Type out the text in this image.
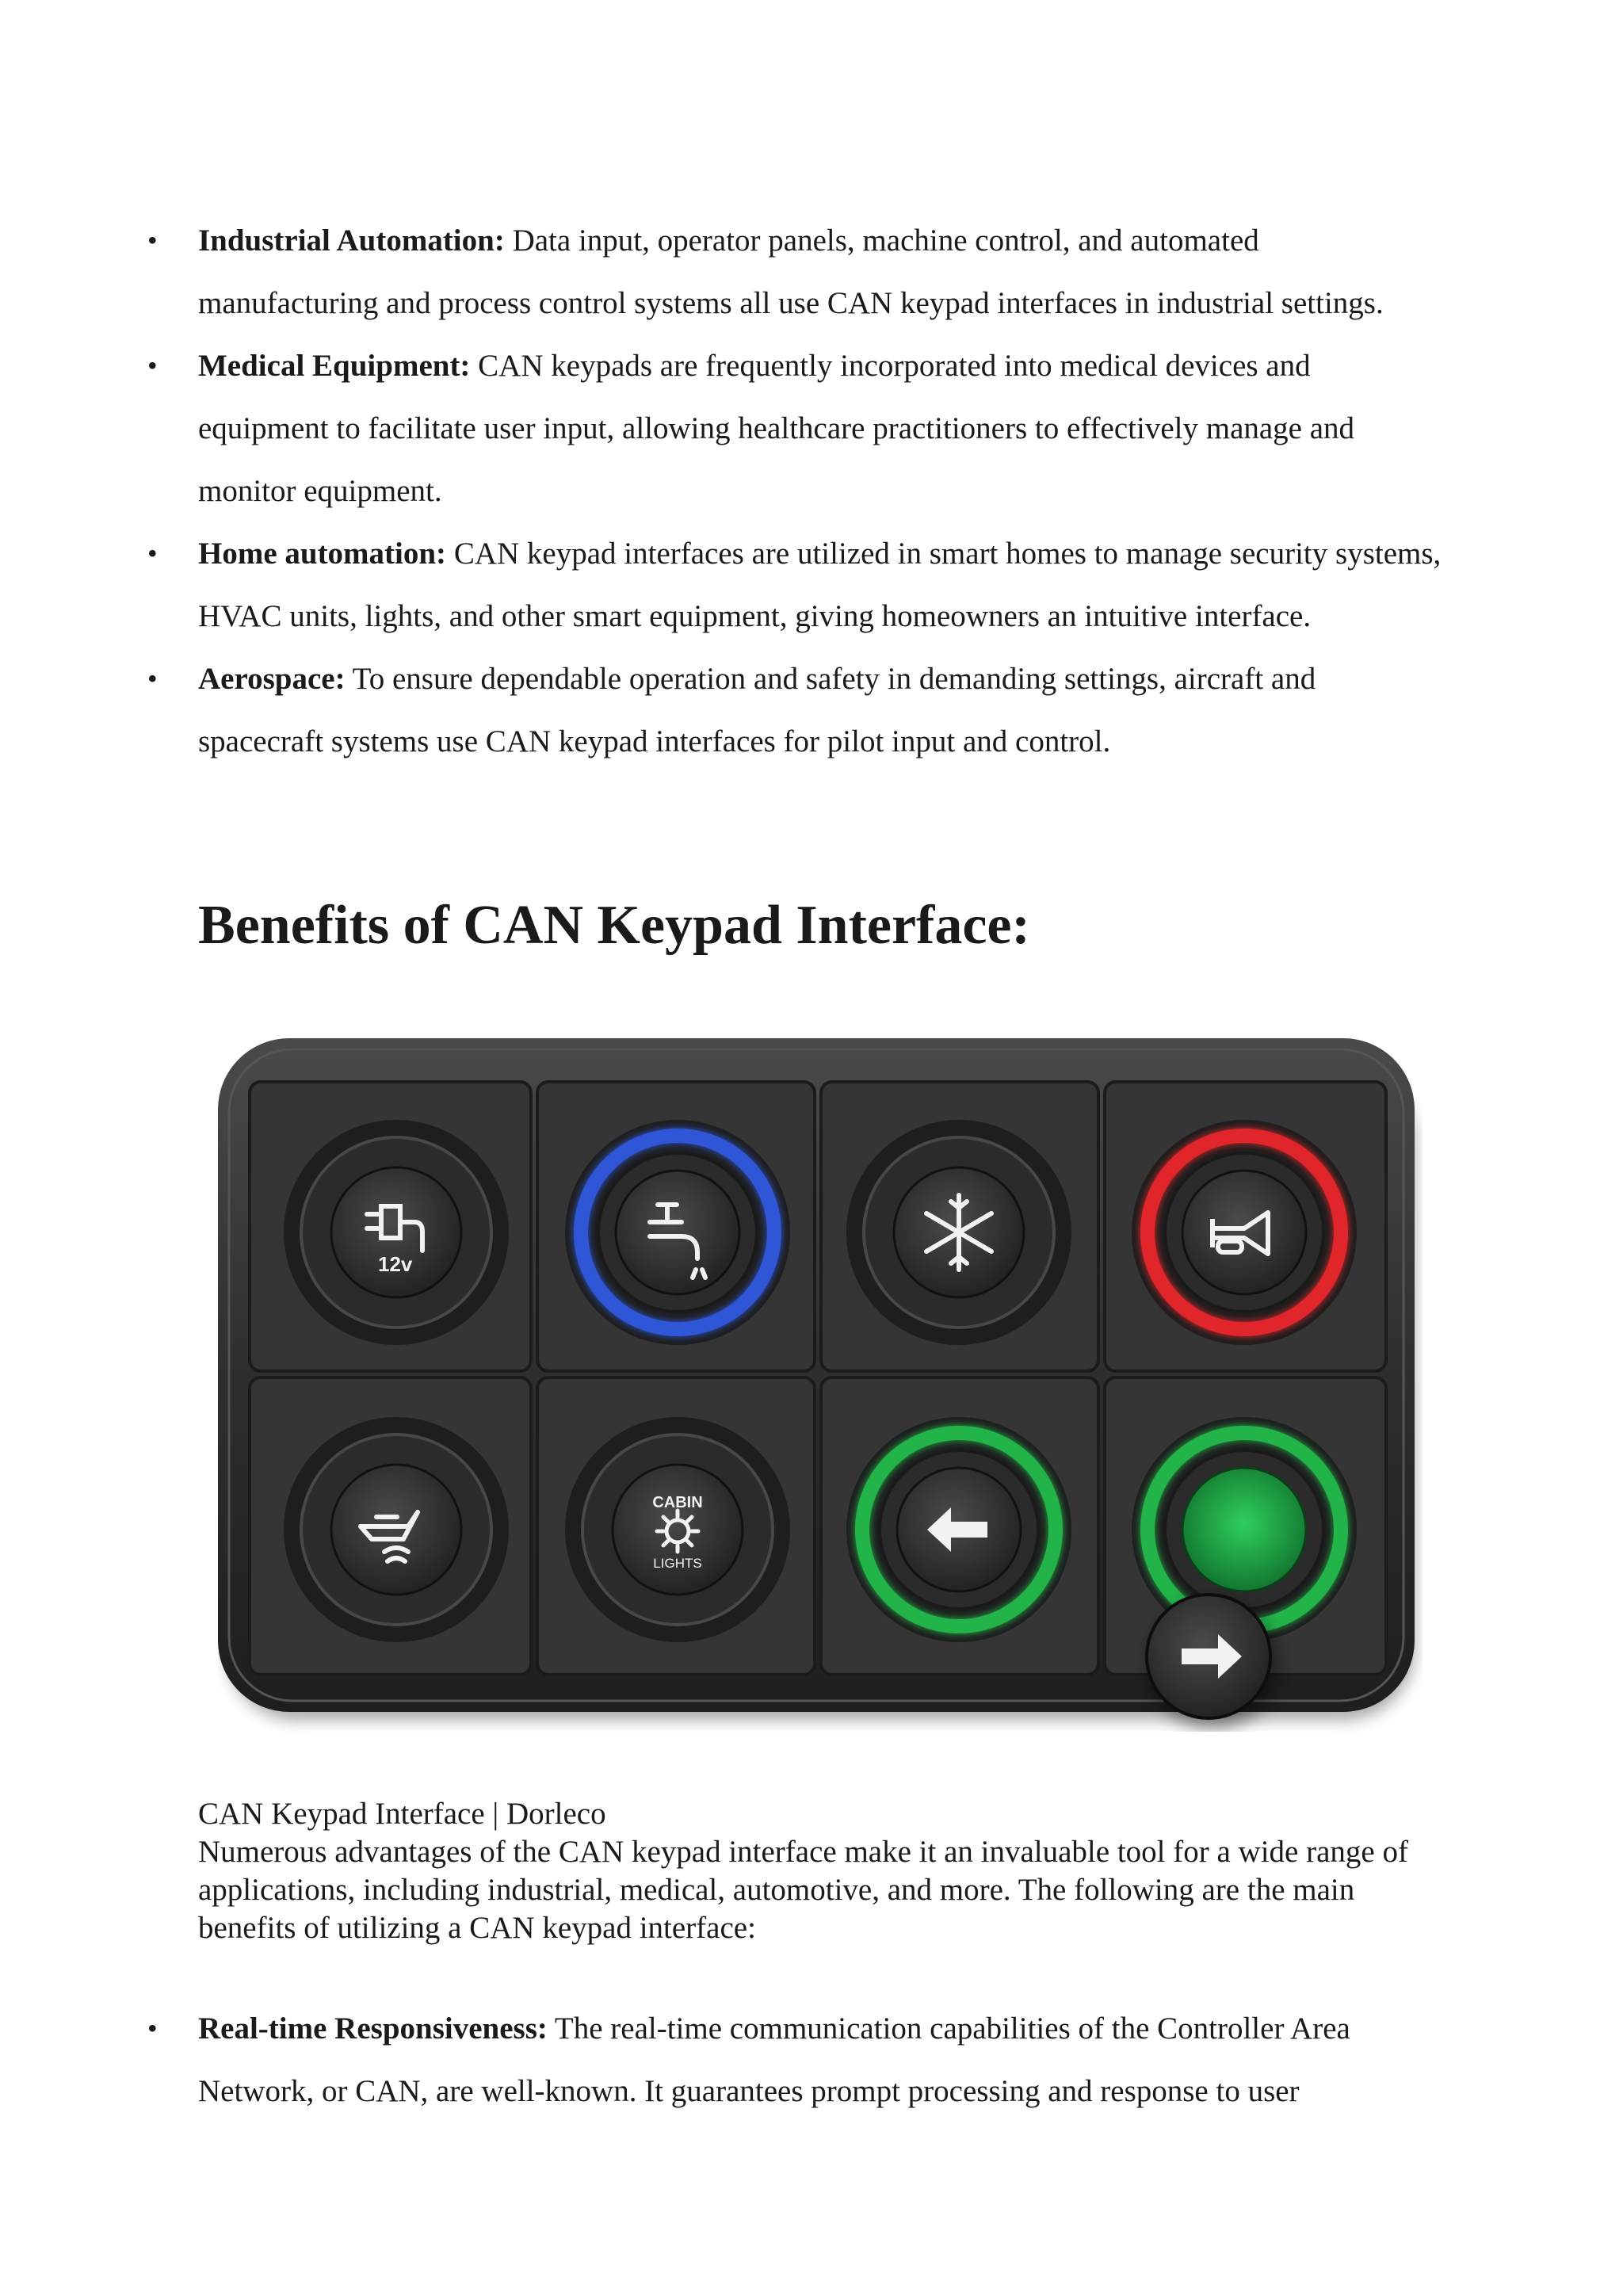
• Industrial Automation: Data input, operator panels, machine control, and automated manufacturing and process control systems all use CAN keypad interfaces in industrial settings.
• Medical Equipment: CAN keypads are frequently incorporated into medical devices and equipment to facilitate user input, allowing healthcare practitioners to effectively manage and monitor equipment.
• Home automation: CAN keypad interfaces are utilized in smart homes to manage security systems, HVAC units, lights, and other smart equipment, giving homeowners an intuitive interface.
• Aerospace: To ensure dependable operation and safety in demanding settings, aircraft and spacecraft systems use CAN keypad interfaces for pilot input and control.
Benefits of CAN Keypad Interface:
12v
CABIN
LIGHTS

CAN Keypad Interface | Dorleco

Numerous advantages of the CAN keypad interface make it an invaluable tool for a wide range of applications, including industrial, medical, automotive, and more. The following are the main benefits of utilizing a CAN keypad interface:

• Real-time Responsiveness: The real-time communication capabilities of the Controller Area Network, or CAN, are well-known. It guarantees prompt processing and response to user
